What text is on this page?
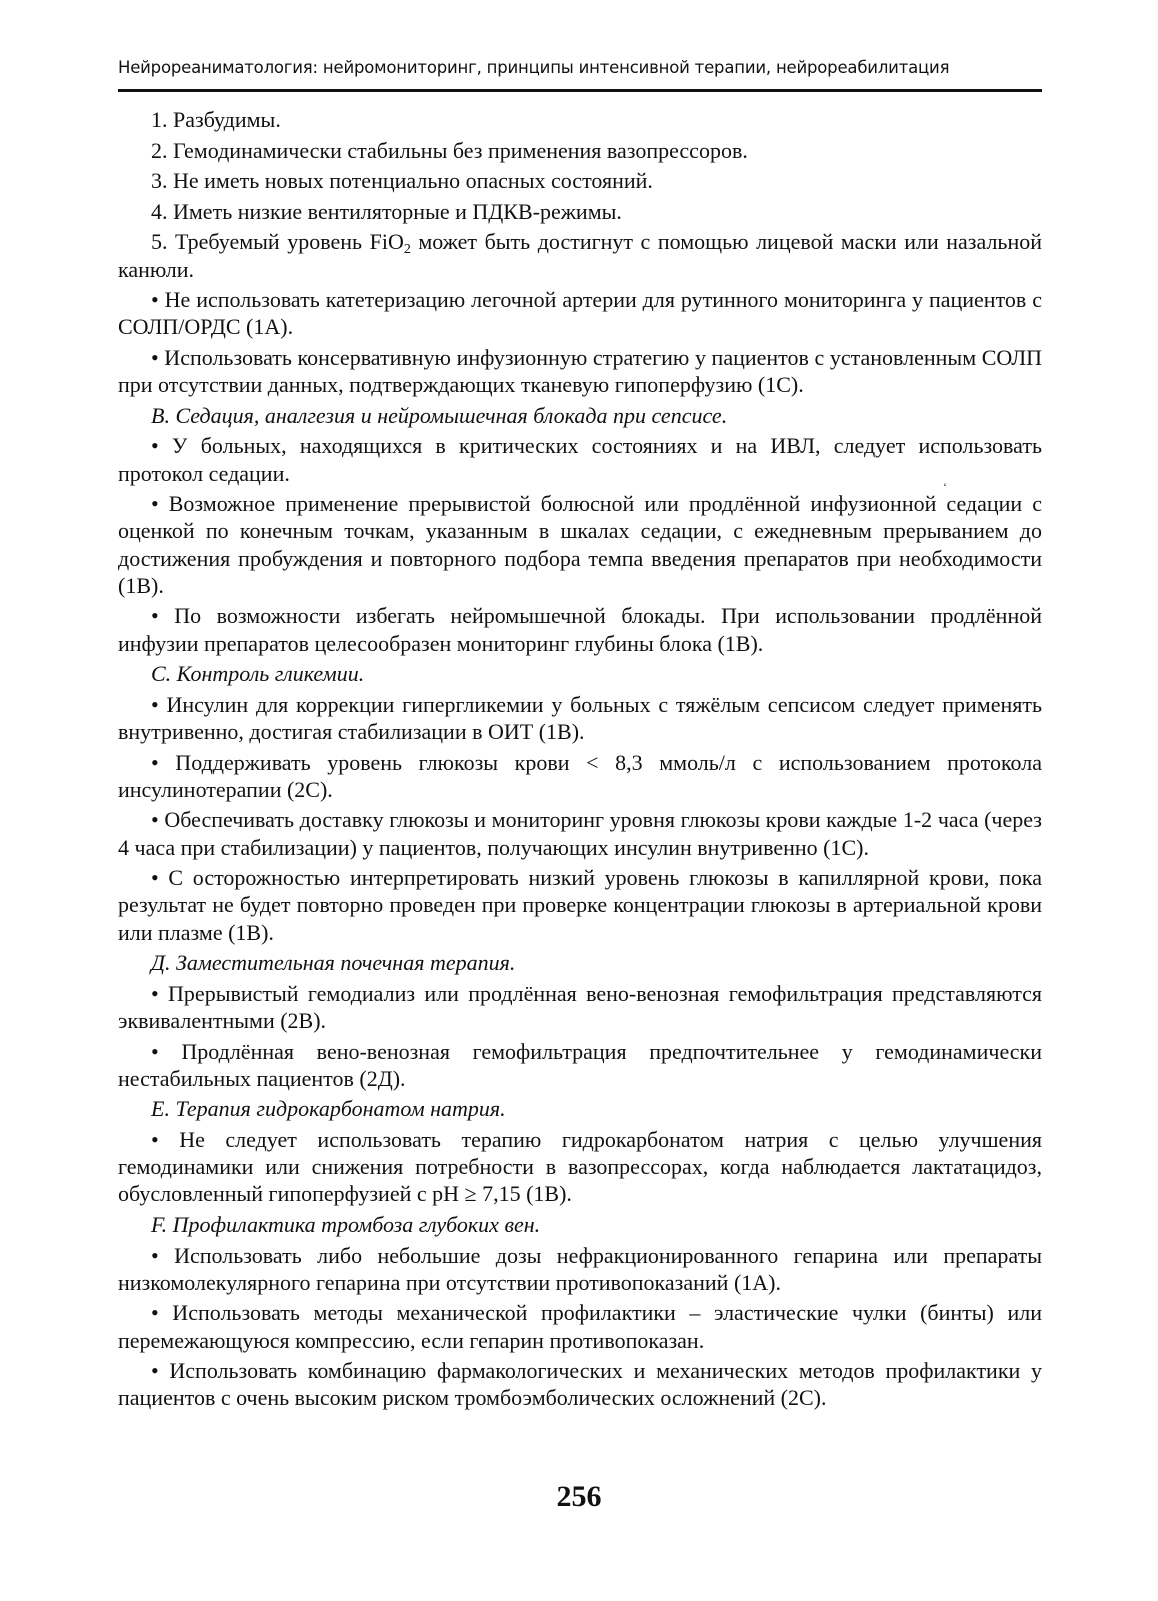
Нейрореаниматология: нейромониторинг, принципы интенсивной терапии, нейрореабилитация

1. Разбудимы.

2. Гемодинамически стабильны без применения вазопрессоров.

3. Не иметь новых потенциально опасных состояний.

4. Иметь низкие вентиляторные и ПДКВ-режимы.

5. Требуемый уровень FiO$_2$ может быть достигнут с помощью лицевой маски или назальной канюли.

• Не использовать катетеризацию легочной артерии для рутинного мониторинга у пациентов с СОЛП/ОРДС (1А).

• Использовать консервативную инфузионную стратегию у пациентов с установленным СОЛП при отсутствии данных, подтверждающих тканевую гипоперфузию (1С).

B. Седация, аналгезия и нейромышечная блокада при сепсисе.

• У больных, находящихся в критических состояниях и на ИВЛ, следует использовать протокол седации.

• Возможное применение прерывистой болюсной или продлённой инфузионной седации с оценкой по конечным точкам, указанным в шкалах седации, с ежедневным прерыванием до достижения пробуждения и повторного подбора темпа введения препаратов при необходимости (1В).

• По возможности избегать нейромышечной блокады. При использовании продлённой инфузии препаратов целесообразен мониторинг глубины блока (1В).

С. Контроль гликемии.

• Инсулин для коррекции гипергликемии у больных с тяжёлым сепсисом следует применять внутривенно, достигая стабилизации в ОИТ (1В).

• Поддерживать уровень глюкозы крови < 8,3 ммоль/л с использованием протокола инсулинотерапии (2С).

• Обеспечивать доставку глюкозы и мониторинг уровня глюкозы крови каждые 1-2 часа (через 4 часа при стабилизации) у пациентов, получающих инсулин внутривенно (1С).

• С осторожностью интерпретировать низкий уровень глюкозы в капиллярной крови, пока результат не будет повторно проведен при проверке концентрации глюкозы в артериальной крови или плазме (1В).

Д. Заместительная почечная терапия.

• Прерывистый гемодиализ или продлённая вено-венозная гемофильтрация представляются эквивалентными (2В).

• Продлённая вено-венозная гемофильтрация предпочтительнее у гемодинамически нестабильных пациентов (2Д).

Е. Терапия гидрокарбонатом натрия.

• Не следует использовать терапию гидрокарбонатом натрия с целью улучшения гемодинамики или снижения потребности в вазопрессорах, когда наблюдается лактатацидоз, обусловленный гипоперфузией с pH ≥ 7,15 (1В).

F. Профилактика тромбоза глубоких вен.

• Использовать либо небольшие дозы нефракционированного гепарина или препараты низкомолекулярного гепарина при отсутствии противопоказаний (1А).

• Использовать методы механической профилактики – эластические чулки (бинты) или перемежающуюся компрессию, если гепарин противопоказан.

• Использовать комбинацию фармакологических и механических методов профилактики у пациентов с очень высоким риском тромбоэмболических осложнений (2С).

ʻ
256
